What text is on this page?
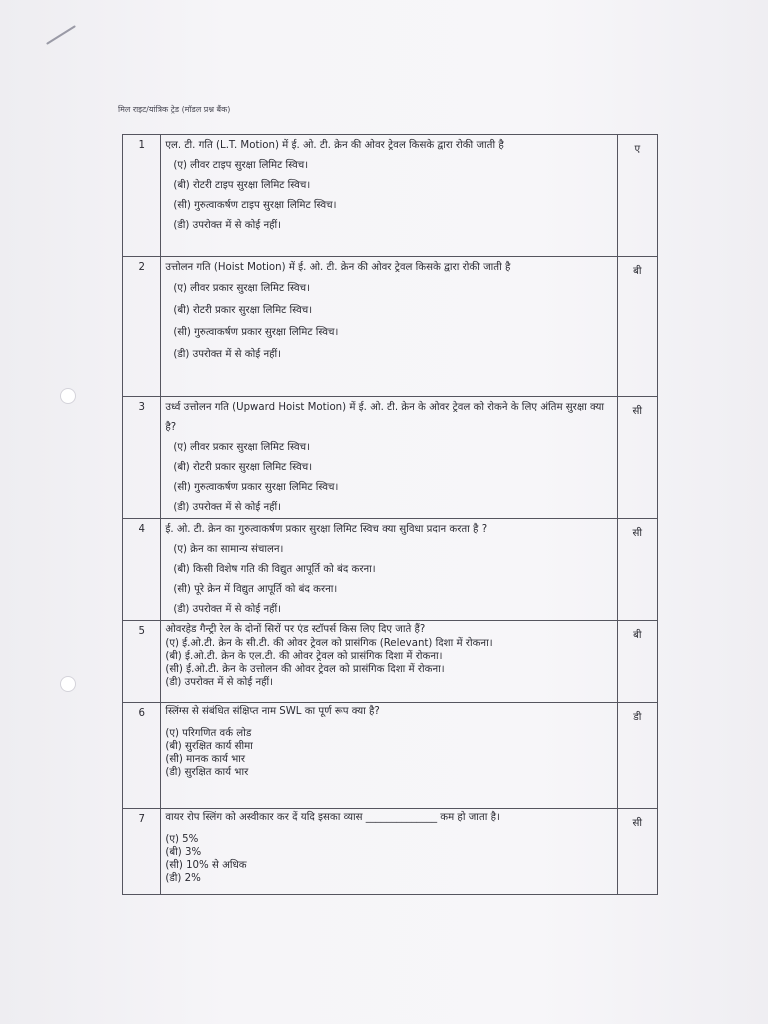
मिल राइट/यांत्रिक ट्रेड (मॉडल प्रश्न बैंक)
1	एल. टी. गति (L.T. Motion) में ई. ओ. टी. क्रेन की ओवर ट्रेवल किसके द्वारा रोकी जाती है
(ए) लीवर टाइप सुरक्षा लिमिट स्विच।
(बी) रोटरी टाइप सुरक्षा लिमिट स्विच।
(सी) गुरुत्वाकर्षण टाइप सुरक्षा लिमिट स्विच।
(डी) उपरोक्त में से कोई नहीं।	ए
2	उत्तोलन गति (Hoist Motion) में ई. ओ. टी. क्रेन की ओवर ट्रेवल किसके द्वारा रोकी जाती है
(ए) लीवर प्रकार सुरक्षा लिमिट स्विच।
(बी) रोटरी प्रकार सुरक्षा लिमिट स्विच।
(सी) गुरुत्वाकर्षण प्रकार सुरक्षा लिमिट स्विच।
(डी) उपरोक्त में से कोई नहीं।	बी
3	उर्ध्व उत्तोलन गति (Upward Hoist Motion) में ई. ओ. टी. क्रेन के ओवर ट्रेवल को रोकने के लिए अंतिम सुरक्षा क्या है?
(ए) लीवर प्रकार सुरक्षा लिमिट स्विच।
(बी) रोटरी प्रकार सुरक्षा लिमिट स्विच।
(सी) गुरुत्वाकर्षण प्रकार सुरक्षा लिमिट स्विच।
(डी) उपरोक्त में से कोई नहीं।	सी
4	ई. ओ. टी. क्रेन का गुरुत्वाकर्षण प्रकार सुरक्षा लिमिट स्विच क्या सुविधा प्रदान करता है ?
(ए) क्रेन का सामान्य संचालन।
(बी) किसी विशेष गति की विद्युत आपूर्ति को बंद करना।
(सी) पूरे क्रेन में विद्युत आपूर्ति को बंद करना।
(डी) उपरोक्त में से कोई नहीं।	सी
5	ओवरहेड गैन्ट्री रेल के दोनों सिरों पर एंड स्टॉपर्स किस लिए दिए जाते हैं?
(ए) ई.ओ.टी. क्रेन के सी.टी. की ओवर ट्रेवल को प्रासंगिक (Relevant) दिशा में रोकना।
(बी) ई.ओ.टी. क्रेन के एल.टी. की ओवर ट्रेवल को प्रासंगिक दिशा में रोकना।
(सी) ई.ओ.टी. क्रेन के उत्तोलन की ओवर ट्रेवल को प्रासंगिक दिशा में रोकना।
(डी) उपरोक्त में से कोई नहीं।	बी
6	स्लिंग्स से संबंधित संक्षिप्त नाम SWL का पूर्ण रूप क्या है?
(ए) परिगणित वर्क लोड
(बी) सुरक्षित कार्य सीमा
(सी) मानक कार्य भार
(डी) सुरक्षित कार्य भार	डी
7	वायर रोप स्लिंग को अस्वीकार कर दें यदि इसका व्यास ______________ कम हो जाता है।
(ए) 5%
(बी) 3%
(सी) 10% से अधिक
(डी) 2%	सी
